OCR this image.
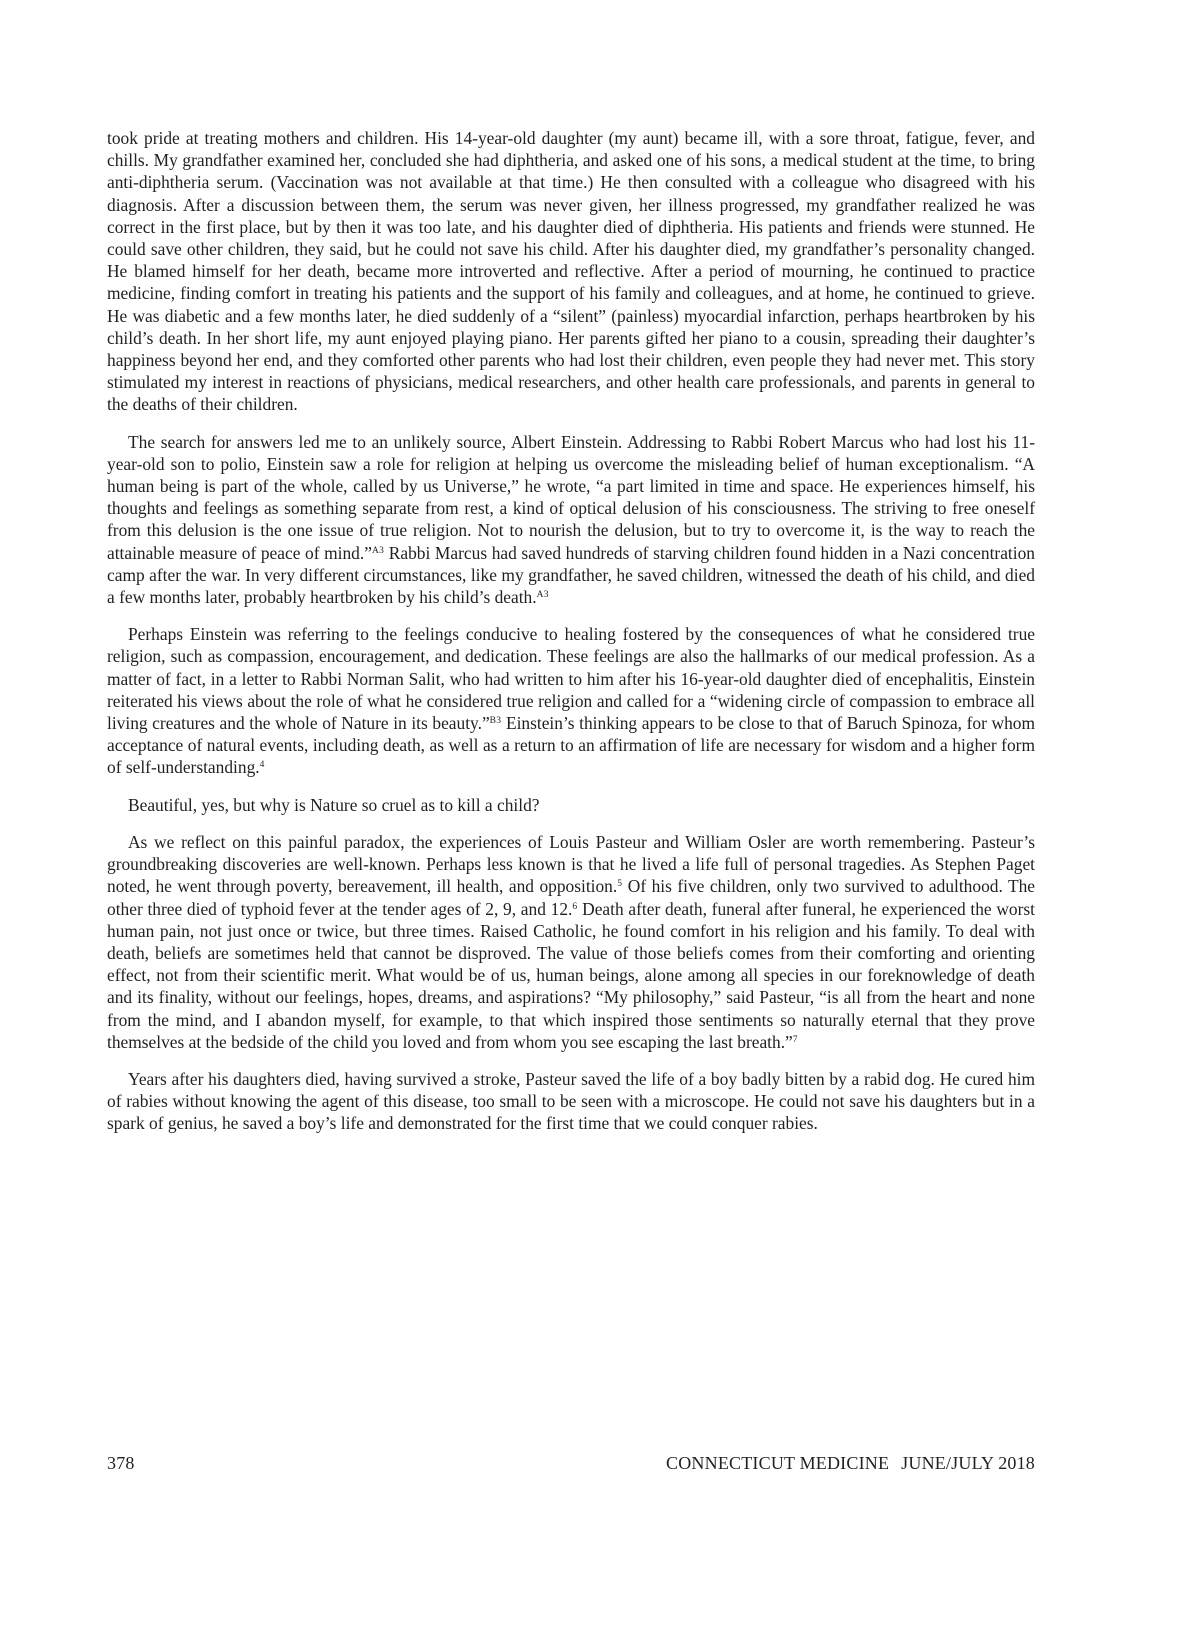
took pride at treating mothers and children. His 14-year-old daughter (my aunt) became ill, with a sore throat, fatigue, fever, and chills. My grandfather examined her, concluded she had diphtheria, and asked one of his sons, a medical student at the time, to bring anti-diphtheria serum. (Vaccination was not available at that time.) He then consulted with a colleague who disagreed with his diagnosis. After a discussion between them, the serum was never given, her illness progressed, my grandfather realized he was correct in the first place, but by then it was too late, and his daughter died of diphtheria. His patients and friends were stunned. He could save other children, they said, but he could not save his child. After his daughter died, my grandfather’s personality changed. He blamed himself for her death, became more introverted and reflective. After a period of mourning, he continued to practice medicine, finding comfort in treating his patients and the support of his family and colleagues, and at home, he continued to grieve. He was diabetic and a few months later, he died suddenly of a “silent” (painless) myocardial infarction, perhaps heartbroken by his child’s death. In her short life, my aunt enjoyed playing piano. Her parents gifted her piano to a cousin, spreading their daughter’s happiness beyond her end, and they comforted other parents who had lost their children, even people they had never met. This story stimulated my interest in reactions of physicians, medical researchers, and other health care professionals, and parents in general to the deaths of their children.

The search for answers led me to an unlikely source, Albert Einstein. Addressing to Rabbi Robert Marcus who had lost his 11-year-old son to polio, Einstein saw a role for religion at helping us overcome the misleading belief of human exceptionalism. “A human being is part of the whole, called by us Universe,” he wrote, “a part limited in time and space. He experiences himself, his thoughts and feelings as something separate from rest, a kind of optical delusion of his consciousness. The striving to free oneself from this delusion is the one issue of true religion. Not to nourish the delusion, but to try to overcome it, is the way to reach the attainable measure of peace of mind.”$^{A3}$ Rabbi Marcus had saved hundreds of starving children found hidden in a Nazi concentration camp after the war. In very different circumstances, like my grandfather, he saved children, witnessed the death of his child, and died a few months later, probably heartbroken by his child’s death.$^{A3}$

Perhaps Einstein was referring to the feelings conducive to healing fostered by the consequences of what he considered true religion, such as compassion, encouragement, and dedication. These feelings are also the hallmarks of our medical profession. As a matter of fact, in a letter to Rabbi Norman Salit, who had written to him after his 16-year-old daughter died of encephalitis, Einstein reiterated his views about the role of what he considered true religion and called for a “widening circle of compassion to embrace all living creatures and the whole of Nature in its beauty.”$^{B3}$ Einstein’s thinking appears to be close to that of Baruch Spinoza, for whom acceptance of natural events, including death, as well as a return to an affirmation of life are necessary for wisdom and a higher form of self-understanding.$^4$

Beautiful, yes, but why is Nature so cruel as to kill a child?

As we reflect on this painful paradox, the experiences of Louis Pasteur and William Osler are worth remembering. Pasteur’s groundbreaking discoveries are well-known. Perhaps less known is that he lived a life full of personal tragedies. As Stephen Paget noted, he went through poverty, bereavement, ill health, and opposition.$^5$ Of his five children, only two survived to adulthood. The other three died of typhoid fever at the tender ages of 2, 9, and 12.$^6$ Death after death, funeral after funeral, he experienced the worst human pain, not just once or twice, but three times. Raised Catholic, he found comfort in his religion and his family. To deal with death, beliefs are sometimes held that cannot be disproved. The value of those beliefs comes from their comforting and orienting effect, not from their scientific merit. What would be of us, human beings, alone among all species in our foreknowledge of death and its finality, without our feelings, hopes, dreams, and aspirations? “My philosophy,” said Pasteur, “is all from the heart and none from the mind, and I abandon myself, for example, to that which inspired those sentiments so naturally eternal that they prove themselves at the bedside of the child you loved and from whom you see escaping the last breath.”$^7$

Years after his daughters died, having survived a stroke, Pasteur saved the life of a boy badly bitten by a rabid dog. He cured him of rabies without knowing the agent of this disease, too small to be seen with a microscope. He could not save his daughters but in a spark of genius, he saved a boy’s life and demonstrated for the first time that we could conquer rabies.

378	CONNECTICUT MEDICINE JUNE/JULY 2018
